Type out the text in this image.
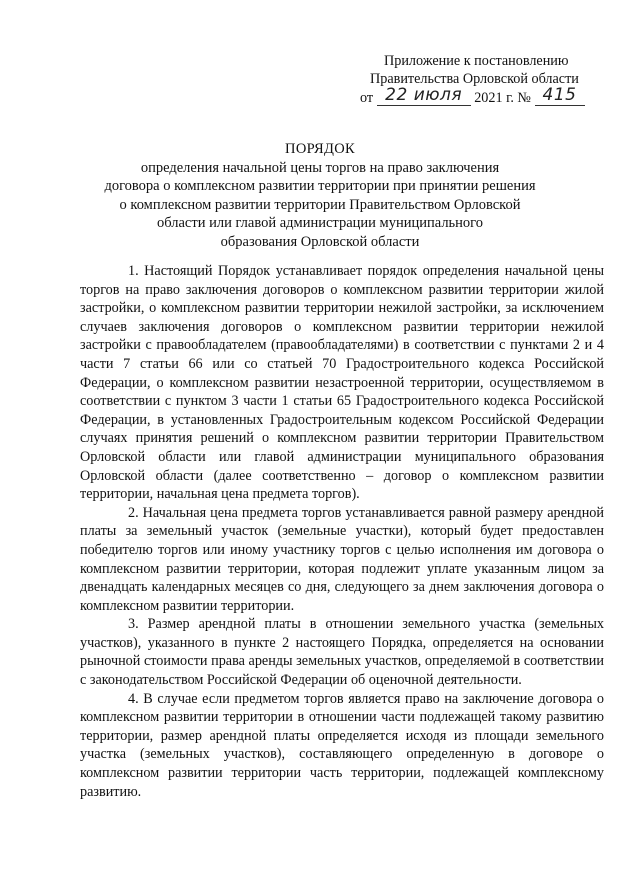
Приложение к постановлению
Правительства Орловской области
от 22 июля 2021 г. № 415
ПОРЯДОК
определения начальной цены торгов на право заключения
договора о комплексном развитии территории при принятии решения
о комплексном развитии территории Правительством Орловской
области или главой администрации муниципального
образования Орловской области

1. Настоящий Порядок устанавливает порядок определения начальной цены торгов на право заключения договоров о комплексном развитии территории жилой застройки, о комплексном развитии территории нежилой застройки, за исключением случаев заключения договоров о комплексном развитии территории нежилой застройки с правообладателем (правообладателями) в соответствии с пунктами 2 и 4 части 7 статьи 66 или со статьей 70 Градостроительного кодекса Российской Федерации, о комплексном развитии незастроенной территории, осуществляемом в соответствии с пунктом 3 части 1 статьи 65 Градостроительного кодекса Российской Федерации, в установленных Градостроительным кодексом Российской Федерации случаях принятия решений о комплексном развитии территории Правительством Орловской области или главой администрации муниципального образования Орловской области (далее соответственно – договор о комплексном развитии территории, начальная цена предмета торгов).

2. Начальная цена предмета торгов устанавливается равной размеру арендной платы за земельный участок (земельные участки), который будет предоставлен победителю торгов или иному участнику торгов с целью исполнения им договора о комплексном развитии территории, которая подлежит уплате указанным лицом за двенадцать календарных месяцев со дня, следующего за днем заключения договора о комплексном развитии территории.

3. Размер арендной платы в отношении земельного участка (земельных участков), указанного в пункте 2 настоящего Порядка, определяется на основании рыночной стоимости права аренды земельных участков, определяемой в соответствии с законодательством Российской Федерации об оценочной деятельности.

4. В случае если предметом торгов является право на заключение договора о комплексном развитии территории в отношении части подлежащей такому развитию территории, размер арендной платы определяется исходя из площади земельного участка (земельных участков), составляющего определенную в договоре о комплексном развитии территории часть территории, подлежащей комплексному развитию.
